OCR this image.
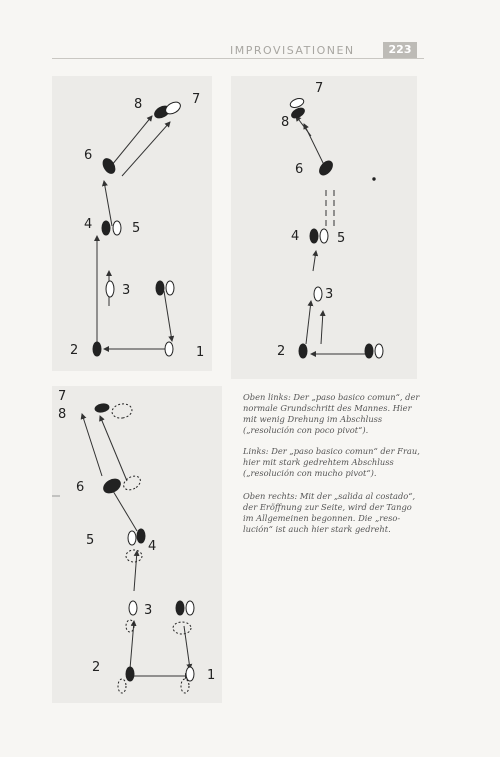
IMPROVISATIONEN	223
8	7
6
4	5
3
2	1
7
8
6
4	5
3
2
7
8
6
5	4
3
2
1
Oben links: Der „paso basico comun“, der normale Grundschritt des Mannes. Hier mit wenig Drehung im Abschluss („resolución con poco pivot“).
Links: Der „paso basico comun“ der Frau, hier mit stark gedrehtem Abschluss („resolución con mucho pivot“).
Oben rechts: Mit der „salida al costado“, der Eröffnung zur Seite, wird der Tango im Allgemeinen begonnen. Die „reso-lución“ ist auch hier stark gedreht.
